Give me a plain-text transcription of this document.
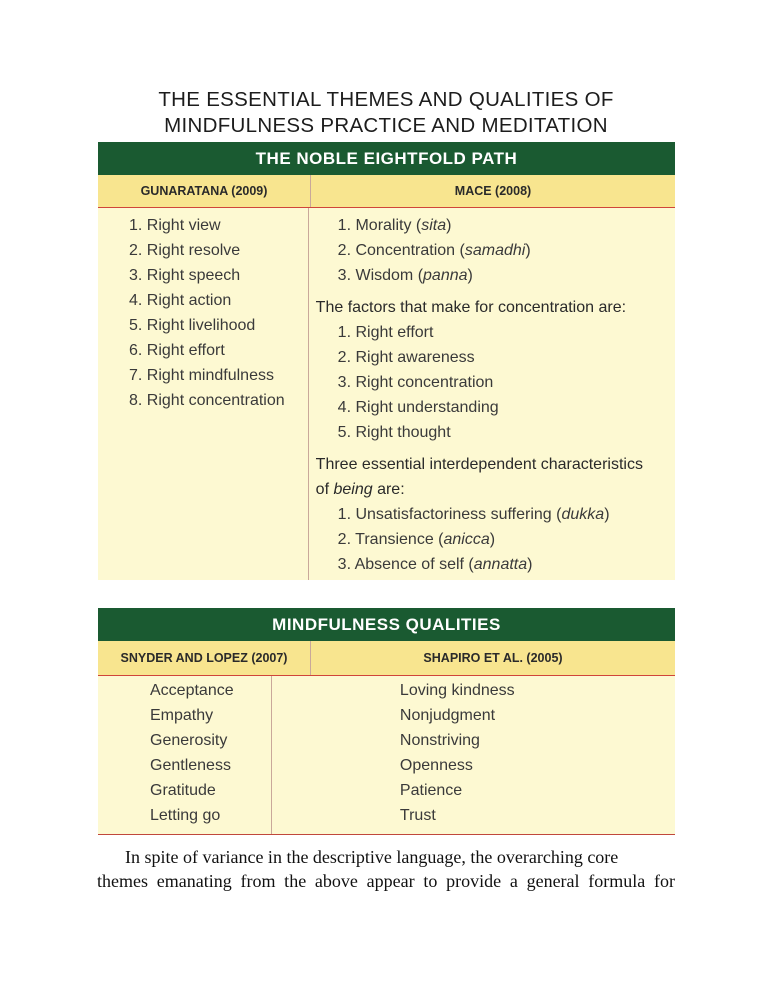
THE ESSENTIAL THEMES AND QUALITIES OF
MINDFULNESS PRACTICE AND MEDITATION
THE NOBLE EIGHTFOLD PATH
GUNARATANA (2009)	MACE (2008)
1. Right view
2. Right resolve
3. Right speech
4. Right action
5. Right livelihood
6. Right effort
7. Right mindfulness
8. Right concentration
1. Morality (sita)
2. Concentration (samadhi)
3. Wisdom (panna)
The factors that make for concentration are:
1. Right effort
2. Right awareness
3. Right concentration
4. Right understanding
5. Right thought
Three essential interdependent characteristics
of being are:
1. Unsatisfactoriness suffering (dukka)
2. Transience (anicca)
3. Absence of self (annatta)
MINDFULNESS QUALITIES
SNYDER AND LOPEZ (2007)	SHAPIRO ET AL. (2005)
Acceptance
Empathy
Generosity
Gentleness
Gratitude
Letting go
Loving kindness
Nonjudgment
Nonstriving
Openness
Patience
Trust
In spite of variance in the descriptive language, the overarching core
themes emanating from the above appear to provide a general formula for
